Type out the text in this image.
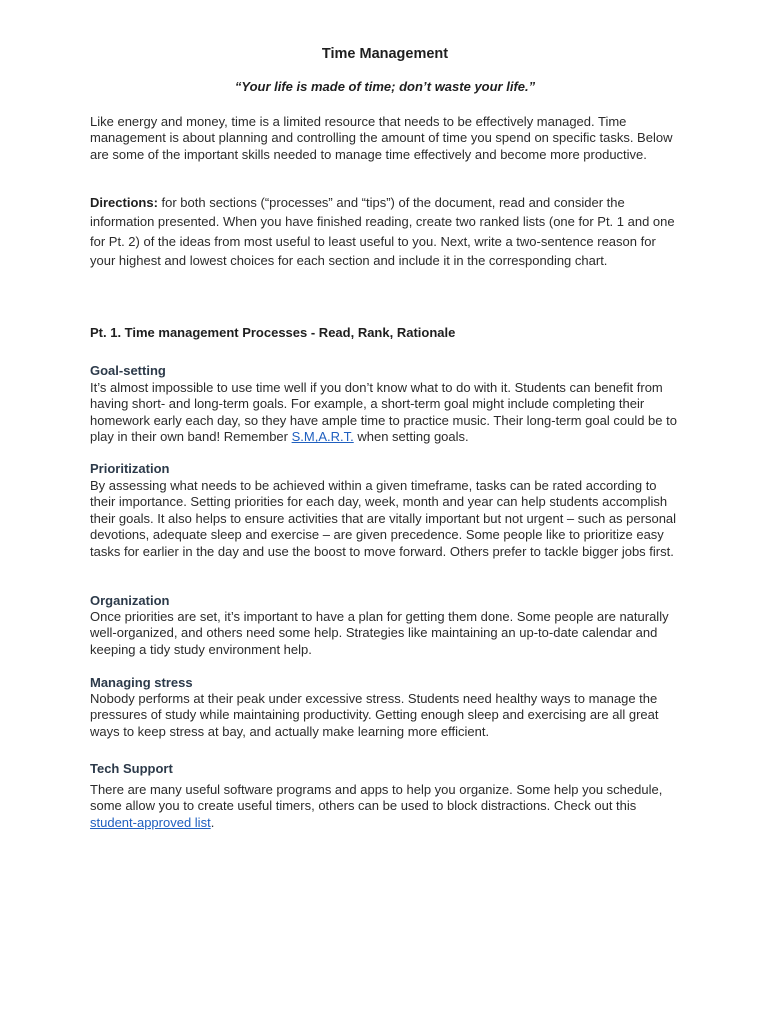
Time Management

“Your life is made of time; don’t waste your life.”

Like energy and money, time is a limited resource that needs to be effectively managed. Time management is about planning and controlling the amount of time you spend on specific tasks. Below are some of the important skills needed to manage time effectively and become more productive.

Directions: for both sections (“processes” and “tips”) of the document, read and consider the information presented. When you have finished reading, create two ranked lists (one for Pt. 1 and one for Pt. 2) of the ideas from most useful to least useful to you. Next, write a two-sentence reason for your highest and lowest choices for each section and include it in the corresponding chart.

Pt. 1. Time management Processes - Read, Rank, Rationale
Goal-setting

It’s almost impossible to use time well if you don’t know what to do with it. Students can benefit from having short- and long-term goals. For example, a short-term goal might include completing their homework early each day, so they have ample time to practice music. Their long-term goal could be to play in their own band! Remember S.M,A.R.T. when setting goals.

Prioritization

By assessing what needs to be achieved within a given timeframe, tasks can be rated according to their importance. Setting priorities for each day, week, month and year can help students accomplish their goals. It also helps to ensure activities that are vitally important but not urgent – such as personal devotions, adequate sleep and exercise – are given precedence. Some people like to prioritize easy tasks for earlier in the day and use the boost to move forward. Others prefer to tackle bigger jobs first.

Organization

Once priorities are set, it’s important to have a plan for getting them done. Some people are naturally well-organized, and others need some help. Strategies like maintaining an up-to-date calendar and keeping a tidy study environment help.

Managing stress

Nobody performs at their peak under excessive stress. Students need healthy ways to manage the pressures of study while maintaining productivity. Getting enough sleep and exercising are all great ways to keep stress at bay, and actually make learning more efficient.

Tech Support

There are many useful software programs and apps to help you organize. Some help you schedule, some allow you to create useful timers, others can be used to block distractions. Check out this student-approved list.
